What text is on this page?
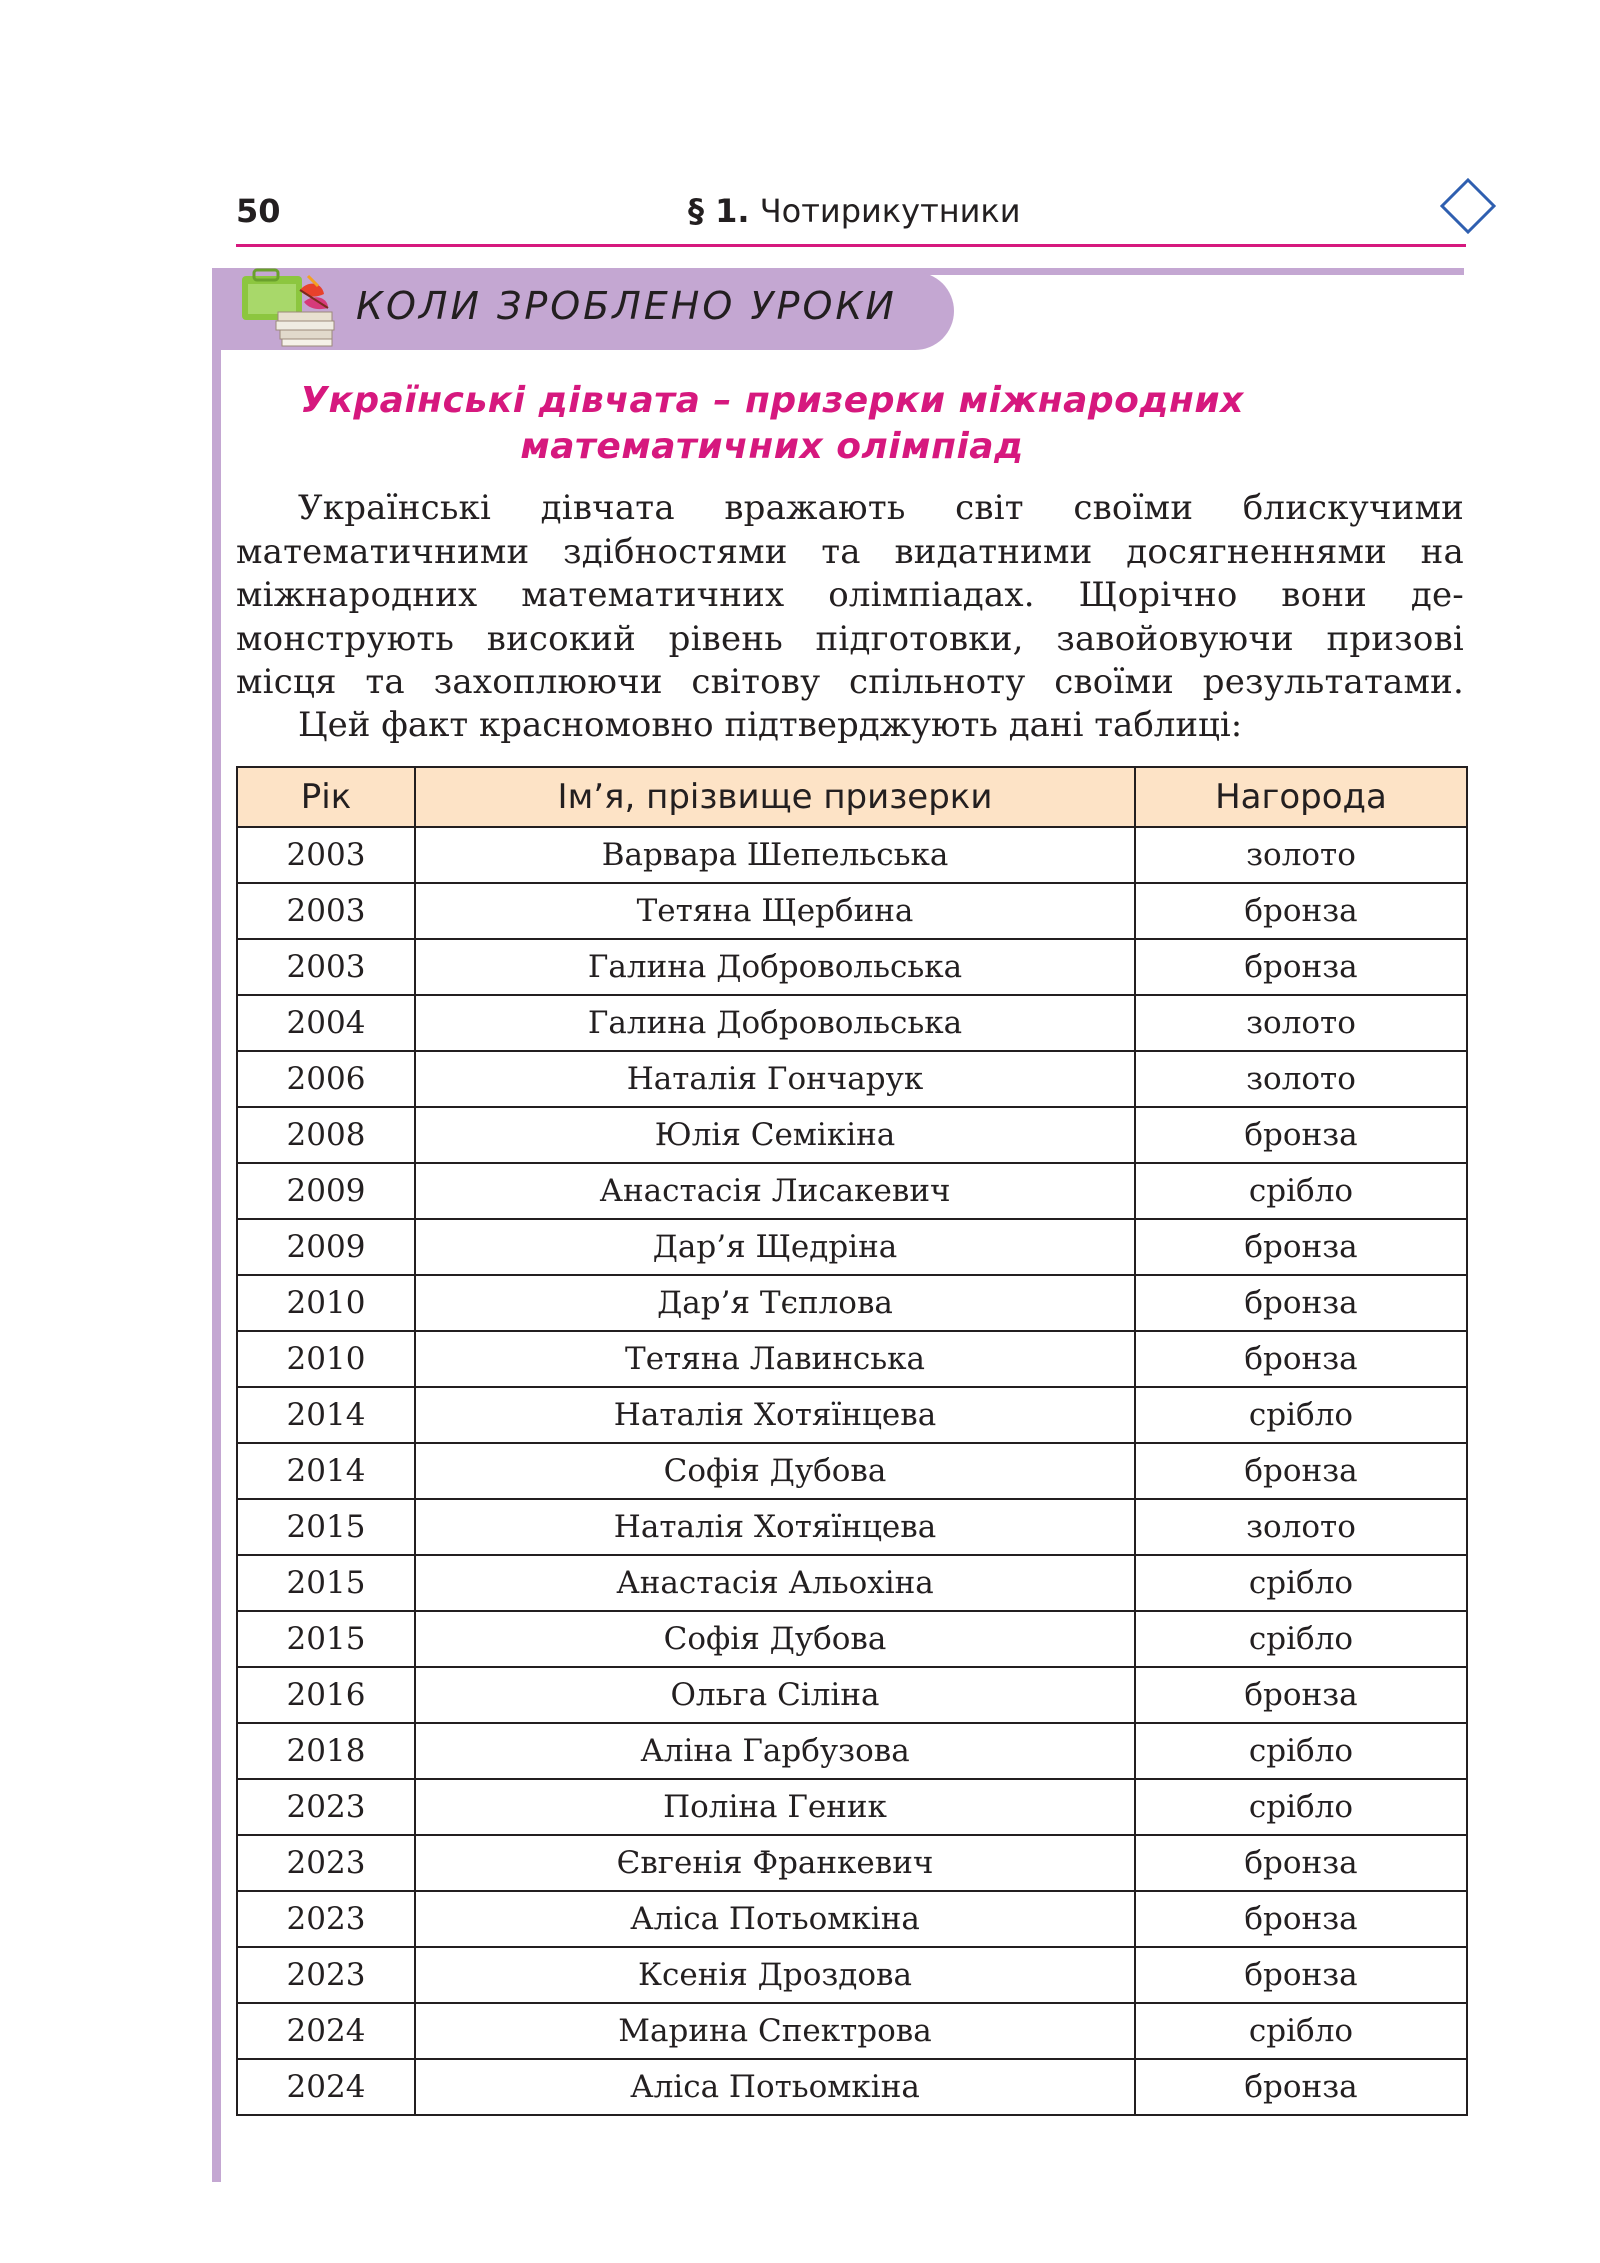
50	§ 1. Чотирикутники
КОЛИ ЗРОБЛЕНО УРОКИ
Українські дівчата – призерки міжнародних
математичних олімпіад
Українські дівчата вражають світ своїми блискучими
математичними здібностями та видатними досягненнями на
міжнародних математичних олімпіадах. Щорічно вони де-
монструють високий рівень підготовки, завойовуючи призові
місця та захоплюючи світову спільноту своїми результатами.
Цей факт красномовно підтверджують дані таблиці:
Рік	Ім’я, прізвище призерки	Нагорода
2003	Варвара Шепельська	золото
2003	Тетяна Щербина	бронза
2003	Галина Добровольська	бронза
2004	Галина Добровольська	золото
2006	Наталія Гончарук	золото
2008	Юлія Семікіна	бронза
2009	Анастасія Лисакевич	срібло
2009	Дар’я Щедріна	бронза
2010	Дар’я Тєплова	бронза
2010	Тетяна Лавинська	бронза
2014	Наталія Хотяїнцева	срібло
2014	Софія Дубова	бронза
2015	Наталія Хотяїнцева	золото
2015	Анастасія Альохіна	срібло
2015	Софія Дубова	срібло
2016	Ольга Сіліна	бронза
2018	Аліна Гарбузова	срібло
2023	Поліна Геник	срібло
2023	Євгенія Франкевич	бронза
2023	Аліса Потьомкіна	бронза
2023	Ксенія Дроздова	бронза
2024	Марина Спектрова	срібло
2024	Аліса Потьомкіна	бронза
